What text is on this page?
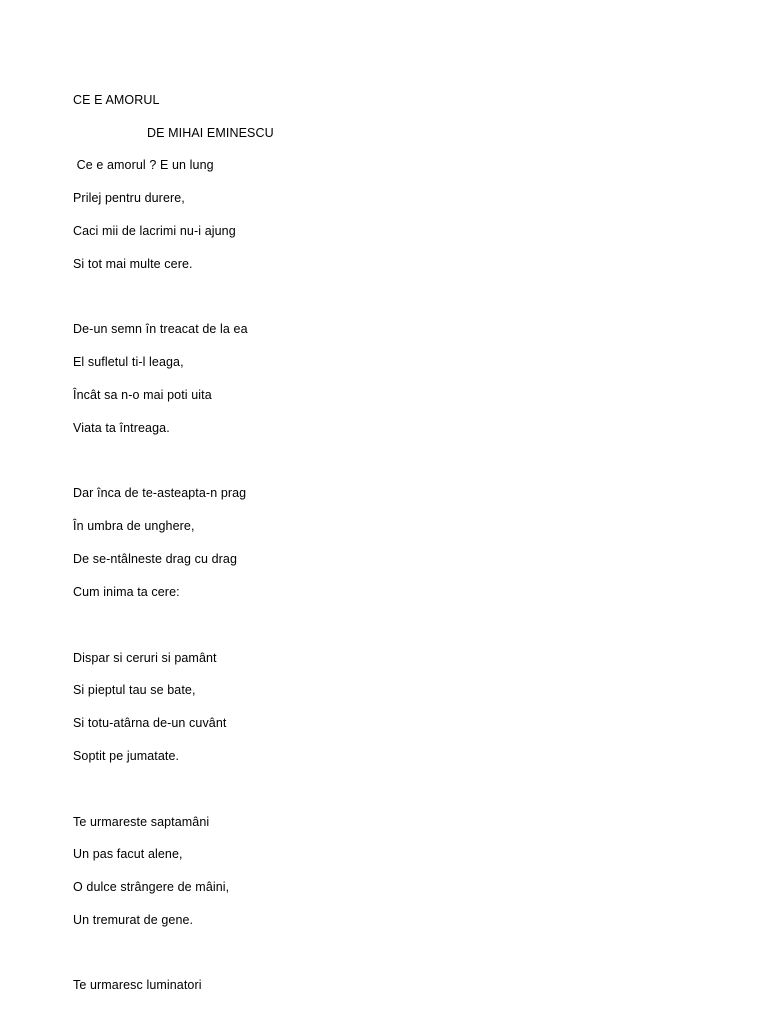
CE E AMORUL
DE MIHAI EMINESCU
Ce e amorul ? E un lung
Prilej pentru durere,
Caci mii de lacrimi nu-i ajung
Si tot mai multe cere.
De-un semn în treacat de la ea
El sufletul ti-l leaga,
Încât sa n-o mai poti uita
Viata ta întreaga.
Dar înca de te-asteapta-n prag
În umbra de unghere,
De se-ntâlneste drag cu drag
Cum inima ta cere:
Dispar si ceruri si pamânt
Si pieptul tau se bate,
Si totu-atârna de-un cuvânt
Soptit pe jumatate.
Te urmareste saptamâni
Un pas facut alene,
O dulce strângere de mâini,
Un tremurat de gene.
Te urmaresc luminatori
